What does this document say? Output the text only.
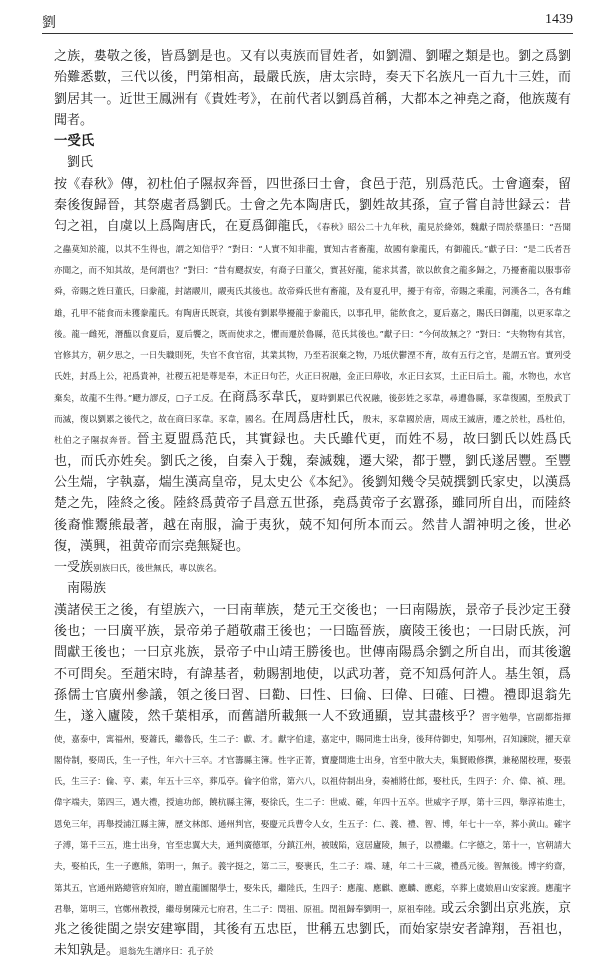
劉	1439

之族，婁敬之後，皆爲劉是也。又有以夷族而冒姓者，如劉淵、劉曜之類是也。劉之爲劉殆難悉數，三代以後，門第相高，最嚴氏族，唐太宗時，奏天下名族凡一百九十三姓，而劉居其一。近世王鳳洲有《貴姓考》，在前代者以劉爲首稱，大都本之神堯之裔，他族蔑有聞者。

一受氏

劉氏

按《春秋》傳，初杜伯子隰叔奔晉，四世孫曰士會，食邑于范，别爲范氏。士會適秦，留秦後復歸晉，其祭處者爲劉氏。士會之先本陶唐氏，劉姓故其孫，宣子嘗自詩世録云：昔匄之祖，自虞以上爲陶唐氏，在夏爲御龍氏，《春秋》昭公二十九年秋，龍見於絳郊，魏獻子問於蔡墨曰：“吾聞之蟲莫知於龍，以其不生得也，謂之知信乎？”對曰：“人實不知非龍，實知古者畜龍，故國有豢龍氏，有御龍氏。”獻子曰：“是二氏者吾亦聞之，而不知其故，是何謂也？”對曰：“昔有飂叔安，有裔子曰董父，實甚好龍，能求其耆，欲以飲食之龍多歸之，乃擾畜龍以服事帝舜，帝賜之姓曰董氏，曰豢龍，封諸鬷川，鬷夷氏其後也。故帝舜氏世有畜龍，及有夏孔甲，擾于有帝，帝賜之乘龍，河漢各二，各有雌雄，孔甲不能食而未獲豢龍氏。有陶唐氏既衰，其後有劉累學擾龍于豢龍氏，以事孔甲，能飲食之，夏后嘉之，賜氏曰御龍，以更豕韋之後。龍一雌死，潛醢以食夏后，夏后饗之，既而使求之，懼而遷於魯縣，范氏其後也。”獻子曰：“今何故無之？”對曰：“夫物物有其官，官修其方，朝夕思之，一日失職則死，失官不食官宿，其業其物，乃至若泯棄之物，乃坻伏鬱湮不育，故有五行之官，是謂五官。實列受氏姓，封爲上公，祀爲貴神，社稷五祀是尊是奉，木正曰句芒，火正曰祝融，金正曰蓐收，水正曰玄冥，土正曰后土。龍，水物也，水官棄矣，故龍不生得。”飂力謬反，□子工反。在商爲豕韋氏，夏時劉累已代祝融，後彭姓之豕韋，尋遭魯縣，豕韋復國，至殷武丁而滅，復以劉累之後代之，故在商曰豕韋。豕韋，國名。在周爲唐杜氏，殷末，豕韋國於唐，周成王滅唐，遷之於杜，爲杜伯，杜伯之子隰叔奔晉。晉主夏盟爲范氏，其實録也。夫氏雖代更，而姓不易，故曰劉氏以姓爲氏也，而氏亦姓矣。劉氏之後，自秦入于魏，秦滅魏，遷大梁，都于豐，劉氏遂居豐。至豐公生煓，字執嘉，煓生漢高皇帝，見太史公《本紀》。後劉知幾令吴兢撰劉氏家史，以漢爲楚之先，陸終之後。陸終爲黄帝子昌意五世孫，堯爲黄帝子玄囂孫，雖同所自出，而陸終後裔惟鬻熊最著，越在南服，淪于夷狄，兢不知何所本而云。然昔人謂神明之後，世必復，漢興，祖黄帝而宗堯無疑也。

一受族别族曰氏，後世無氏，專以族名。

南陽族

漢諸侯王之後，有望族六，一曰南華族，楚元王交後也；一曰南陽族，景帝子長沙定王發後也；一曰廣平族，景帝弟子趙敬肅王後也；一曰臨晉族，廣陵王後也；一曰尉氏族，河間獻王後也；一曰京兆族，景帝子中山靖王勝後也。世傳南陽爲余劉之所自出，而其後邈不可問矣。至趙宋時，有諱基者，勅賜割地使，以武功著，竟不知爲何許人。基生領，爲孫儒士官廣州參議，領之後曰習、曰勸、曰性、曰倫、曰偉、曰確、曰禮。禮即退翁先生，遂入廬陵，然千葉相承，而舊譜所載無一人不致通顯，豈其盡核乎？習字勉學，官副都指揮使，嘉泰中，寓福州，娶蕭氏，繼魯氏，生二子：獻、才。獻字伯達，嘉定中，賜同進士出身，後拜侍御史，知鄂州，召知諫院，擢天章閣侍制，娶周氏，生一子性，年六十三卒。才官籌縣主簿。性字正菁，寶慶間進士出身，官至中散大夫，集賢殿修撰，兼秘閣校理，娶張氏，生三子：倫、亨、素，年五十三卒，葬瓜亭。倫字伯常，第六八，以祖侍制出身，奏補將仕郎，娶杜氏，生四子：介、偉、禎、理。偉字端夫，第四三，遇大禮，授迪功郎，饒杭縣主簿，娶徐氏，生二子：世威、確，年四十五卒。世威字子厚，第十三四，舉淳祐進士，恩免三年，再舉授浦江縣主簿，歷文林郎、通州判官，娶慶元兵曹令人女，生五子：仁、義、禮、智、博，年七十一卒，葬小黄山。確字子溥，第千三五，進士出身，官至忠翼大夫，通判廣德軍，分鎮江州，被賊陷，寇居廬陵，無子，以禮繼。仁字德之，第十一，官朝請大夫，娶柏氏，生一子應熊，第明一，無子。義字挺之，第二三，娶裹氏，生二子：端、璉，年二十三歲，禮爲元後。智無後。博字約齋，第其五，官通州路總管府知府，贈直龍圖閣學士，娶朱氏，繼陸氏，生四子：應龍、應麒、應麟、應彪，卒葬上虞娘眉山安家渡。應龍字君舉，第明三，官鄭州教授，繼母舅陳元七府君，生二子：閏祖、原祖。閏祖歸奉劉明一，原祖奉陸。或云余劉出京兆族，京兆之後徙閩之崇安建寧間，其後有五忠臣，世稱五忠劉氏，而始家崇安者諱翔，吾祖也，未知孰是。退翁先生譜序曰：孔子於
